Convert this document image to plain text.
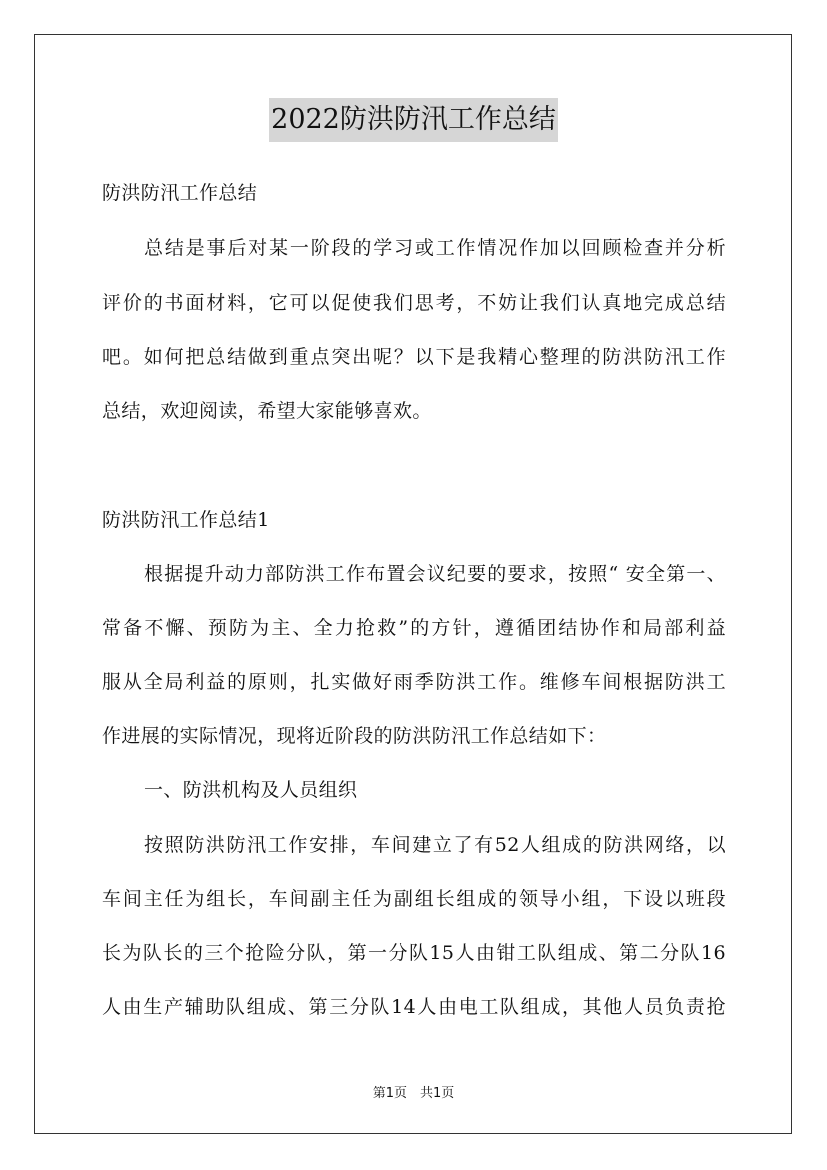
2022防洪防汛工作总结
防洪防汛工作总结
总结是事后对某一阶段的学习或工作情况作加以回顾检查并分析
评价的书面材料，它可以促使我们思考，不妨让我们认真地完成总结
吧。如何把总结做到重点突出呢？以下是我精心整理的防洪防汛工作
总结，欢迎阅读，希望大家能够喜欢。
防洪防汛工作总结1
根据提升动力部防洪工作布置会议纪要的要求，按照“ 安全第一、
常备不懈、预防为主、全力抢救”的方针，遵循团结协作和局部利益
服从全局利益的原则，扎实做好雨季防洪工作。维修车间根据防洪工
作进展的实际情况，现将近阶段的防洪防汛工作总结如下：
一、防洪机构及人员组织
按照防洪防汛工作安排，车间建立了有52人组成的防洪网络，以
车间主任为组长，车间副主任为副组长组成的领导小组，下设以班段
长为队长的三个抢险分队，第一分队15人由钳工队组成、第二分队16
人由生产辅助队组成、第三分队14人由电工队组成，其他人员负责抢
第1页　共1页
